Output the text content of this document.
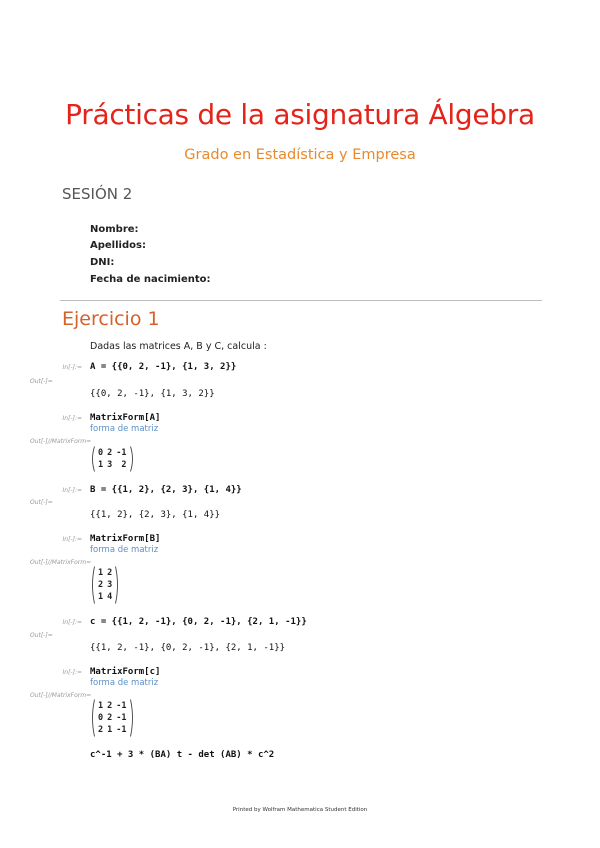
Prácticas de la asignatura Álgebra
Grado en Estadística y Empresa
SESIÓN 2
Nombre:
Apellidos:
DNI:
Fecha de nacimiento:
Ejercicio 1
Dadas las matrices A, B y C, calcula :
In[-]:= A = {{0, 2, -1}, {1, 3, 2}}
Out[-]=
{{0, 2, -1}, {1, 3, 2}}
In[-]:= MatrixForm[A]
forma de matriz
Out[-]//MatrixForm=
0 2 -1
1 3	2
In[-]:= B = {{1, 2}, {2, 3}, {1, 4}}
Out[-]=
{{1, 2}, {2, 3}, {1, 4}}
In[-]:= MatrixForm[B]
forma de matriz
Out[-]//MatrixForm=
1 2
2 3
1 4
In[-]:= c = {{1, 2, -1}, {0, 2, -1}, {2, 1, -1}}
Out[-]=
{{1, 2, -1}, {0, 2, -1}, {2, 1, -1}}
In[-]:= MatrixForm[c]
forma de matriz
Out[-]//MatrixForm=
1 2 -1
0 2 -1
2 1 -1
c^-1 + 3 * (BA) t - det (AB) * c^2
Printed by Wolfram Mathematica Student Edition
